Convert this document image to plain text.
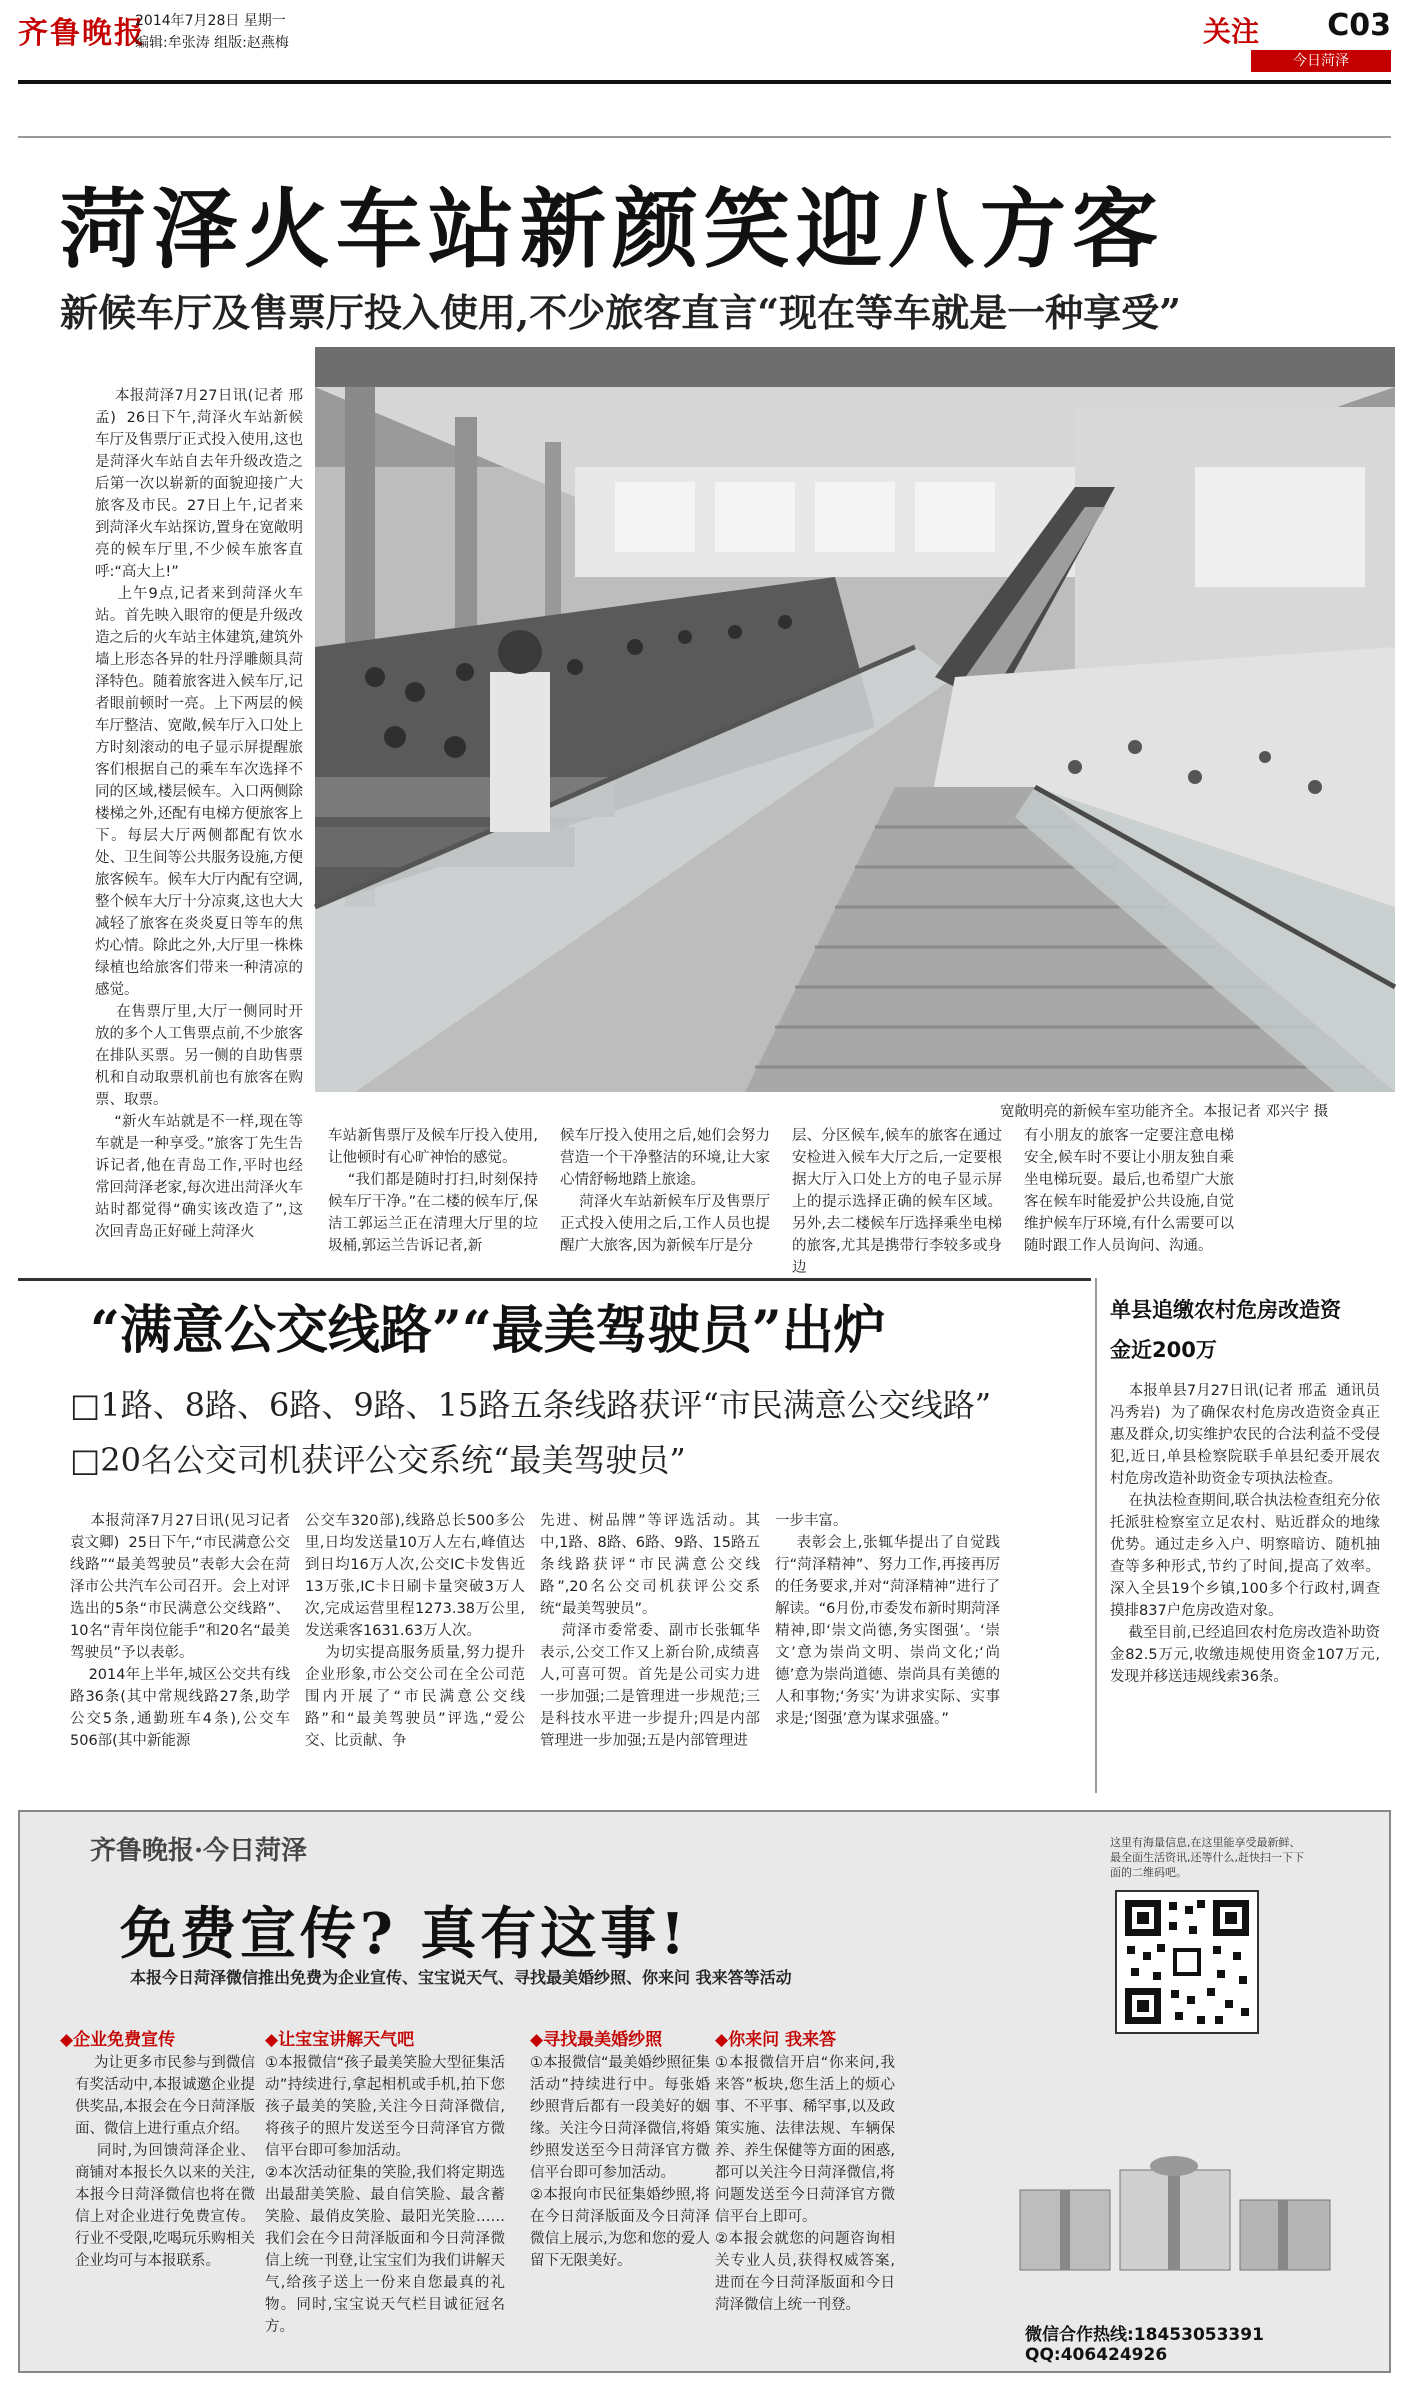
齐鲁晚报
2014年7月28日 星期一
编辑:牟张涛 组版:赵燕梅	关注 C03
今日菏泽
菏泽火车站新颜笑迎八方客
新候车厅及售票厅投入使用,不少旅客直言“现在等车就是一种享受”
本报菏泽7月27日讯(记者 邢孟)  26日下午,菏泽火车站新候车厅及售票厅正式投入使用,这也是菏泽火车站自去年升级改造之后第一次以崭新的面貌迎接广大旅客及市民。27日上午,记者来到菏泽火车站探访,置身在宽敞明亮的候车厅里,不少候车旅客直呼:“高大上!”
上午9点,记者来到菏泽火车站。首先映入眼帘的便是升级改造之后的火车站主体建筑,建筑外墙上形态各异的牡丹浮雕颇具菏泽特色。随着旅客进入候车厅,记者眼前顿时一亮。上下两层的候车厅整洁、宽敞,候车厅入口处上方时刻滚动的电子显示屏提醒旅客们根据自己的乘车车次选择不同的区域,楼层候车。入口两侧除楼梯之外,还配有电梯方便旅客上下。每层大厅两侧都配有饮水处、卫生间等公共服务设施,方便旅客候车。候车大厅内配有空调,整个候车大厅十分凉爽,这也大大减轻了旅客在炎炎夏日等车的焦灼心情。除此之外,大厅里一株株绿植也给旅客们带来一种清凉的感觉。
在售票厅里,大厅一侧同时开放的多个人工售票点前,不少旅客在排队买票。另一侧的自助售票机和自动取票机前也有旅客在购票、取票。
“新火车站就是不一样,现在等车就是一种享受。”旅客丁先生告诉记者,他在青岛工作,平时也经常回菏泽老家,每次进出菏泽火车站时都觉得“确实该改造了”,这次回青岛正好碰上菏泽火
宽敞明亮的新候车室功能齐全。本报记者 邓兴宇 摄
车站新售票厅及候车厅投入使用,让他顿时有心旷神怡的感觉。
“我们都是随时打扫,时刻保持候车厅干净。”在二楼的候车厅,保洁工郭运兰正在清理大厅里的垃圾桶,郭运兰告诉记者,新
候车厅投入使用之后,她们会努力营造一个干净整洁的环境,让大家心情舒畅地踏上旅途。
菏泽火车站新候车厅及售票厅正式投入使用之后,工作人员也提醒广大旅客,因为新候车厅是分
层、分区候车,候车的旅客在通过安检进入候车大厅之后,一定要根据大厅入口处上方的电子显示屏上的提示选择正确的候车区域。另外,去二楼候车厅选择乘坐电梯的旅客,尤其是携带行李较多或身边
有小朋友的旅客一定要注意电梯安全,候车时不要让小朋友独自乘坐电梯玩耍。最后,也希望广大旅客在候车时能爱护公共设施,自觉维护候车厅环境,有什么需要可以随时跟工作人员询问、沟通。
“满意公交线路”“最美驾驶员”出炉
□1路、8路、6路、9路、15路五条线路获评“市民满意公交线路”
□20名公交司机获评公交系统“最美驾驶员”
本报菏泽7月27日讯(见习记者  袁文卿)  25日下午,“市民满意公交线路”“最美驾驶员”表彰大会在菏泽市公共汽车公司召开。会上对评选出的5条“市民满意公交线路”、10名“青年岗位能手”和20名“最美驾驶员”予以表彰。
2014年上半年,城区公交共有线路36条(其中常规线路27条,助学公交5条,通勤班车4条),公交车506部(其中新能源
公交车320部),线路总长500多公里,日均发送量10万人左右,峰值达到日均16万人次,公交IC卡发售近13万张,IC卡日刷卡量突破3万人次,完成运营里程1273.38万公里,发送乘客1631.63万人次。
为切实提高服务质量,努力提升企业形象,市公交公司在全公司范围内开展了“市民满意公交线路”和“最美驾驶员”评选,“爱公交、比贡献、争
先进、树品牌”等评选活动。其中,1路、8路、6路、9路、15路五条线路获评“市民满意公交线路”,20名公交司机获评公交系统“最美驾驶员”。
菏泽市委常委、副市长张辄华表示,公交工作又上新台阶,成绩喜人,可喜可贺。首先是公司实力进一步加强;二是管理进一步规范;三是科技水平进一步提升;四是内部管理进一步加强;五是内部管理进
一步丰富。
表彰会上,张辄华提出了自觉践行“菏泽精神”、努力工作,再接再厉的任务要求,并对“菏泽精神”进行了解读。“6月份,市委发布新时期菏泽精神,即‘崇文尚德,务实图强’。‘崇文’意为崇尚文明、崇尚文化;‘尚德’意为崇尚道德、崇尚具有美德的人和事物;‘务实’为讲求实际、实事求是;‘图强’意为谋求强盛。”
单县追缴农村危房改造资金近200万
本报单县7月27日讯(记者 邢孟  通讯员  冯秀岩)  为了确保农村危房改造资金真正惠及群众,切实维护农民的合法利益不受侵犯,近日,单县检察院联手单县纪委开展农村危房改造补助资金专项执法检查。
在执法检查期间,联合执法检查组充分依托派驻检察室立足农村、贴近群众的地缘优势。通过走乡入户、明察暗访、随机抽查等多种形式,节约了时间,提高了效率。深入全县19个乡镇,100多个行政村,调查摸排837户危房改造对象。
截至目前,已经追回农村危房改造补助资金82.5万元,收缴违规使用资金107万元,发现并移送违规线索36条。
齐鲁晚报·今日菏泽
免费宣传? 真有这事!
本报今日菏泽微信推出免费为企业宣传、宝宝说天气、寻找最美婚纱照、你来问 我来答等活动
这里有海量信息,在这里能享受最新鲜、最全面生活资讯,还等什么,赶快扫一下下面的二维码吧。
微信合作热线:18453053391
QQ:406424926
◆企业免费宣传
为让更多市民参与到微信有奖活动中,本报诚邀企业提供奖品,本报会在今日菏泽版面、微信上进行重点介绍。
同时,为回馈菏泽企业、商铺对本报长久以来的关注,本报今日菏泽微信也将在微信上对企业进行免费宣传。行业不受限,吃喝玩乐购相关企业均可与本报联系。
◆让宝宝讲解天气吧
①本报微信“孩子最美笑脸大型征集活动”持续进行,拿起相机或手机,拍下您孩子最美的笑脸,关注今日菏泽微信,将孩子的照片发送至今日菏泽官方微信平台即可参加活动。
②本次活动征集的笑脸,我们将定期选出最甜美笑脸、最自信笑脸、最含蓄笑脸、最俏皮笑脸、最阳光笑脸……我们会在今日菏泽版面和今日菏泽微信上统一刊登,让宝宝们为我们讲解天气,给孩子送上一份来自您最真的礼物。同时,宝宝说天气栏目诚征冠名方。
◆寻找最美婚纱照
①本报微信“最美婚纱照征集活动”持续进行中。每张婚纱照背后都有一段美好的姻缘。关注今日菏泽微信,将婚纱照发送至今日菏泽官方微信平台即可参加活动。
②本报向市民征集婚纱照,将在今日菏泽版面及今日菏泽微信上展示,为您和您的爱人留下无限美好。
◆你来问 我来答
①本报微信开启“你来问,我来答”板块,您生活上的烦心事、不平事、稀罕事,以及政策实施、法律法规、车辆保养、养生保健等方面的困惑,都可以关注今日菏泽微信,将问题发送至今日菏泽官方微信平台上即可。
②本报会就您的问题咨询相关专业人员,获得权威答案,进而在今日菏泽版面和今日菏泽微信上统一刊登。
